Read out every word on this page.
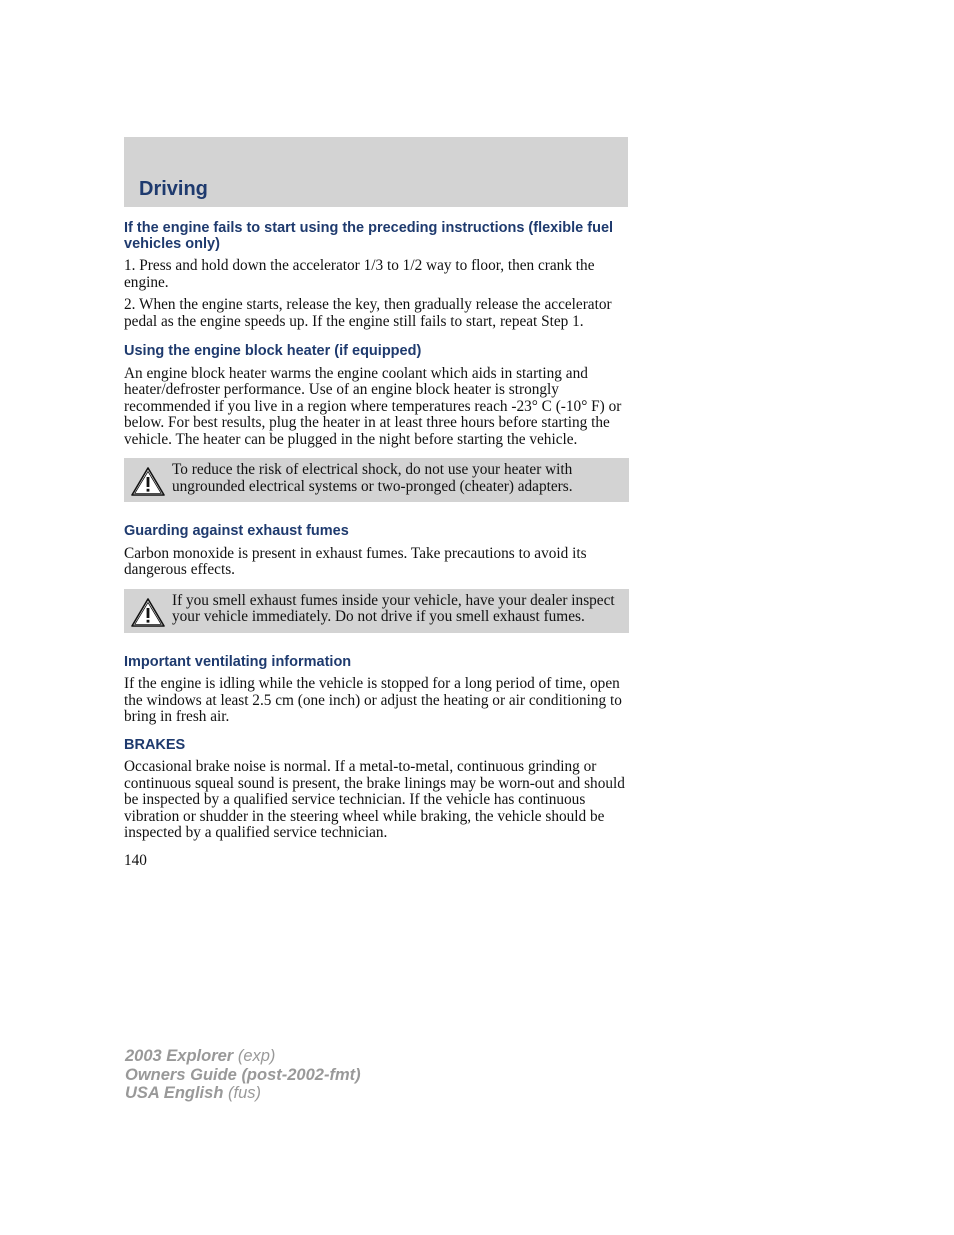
Driving
If the engine fails to start using the preceding instructions (flexible fuel vehicles only)

1. Press and hold down the accelerator 1/3 to 1/2 way to floor, then crank the engine.

2. When the engine starts, release the key, then gradually release the accelerator pedal as the engine speeds up. If the engine still fails to start, repeat Step 1.

Using the engine block heater (if equipped)

An engine block heater warms the engine coolant which aids in starting and heater/defroster performance. Use of an engine block heater is strongly recommended if you live in a region where temperatures reach -23° C (-10° F) or below. For best results, plug the heater in at least three hours before starting the vehicle. The heater can be plugged in the night before starting the vehicle.

To reduce the risk of electrical shock, do not use your heater with ungrounded electrical systems or two-pronged (cheater) adapters.

Guarding against exhaust fumes

Carbon monoxide is present in exhaust fumes. Take precautions to avoid its dangerous effects.

If you smell exhaust fumes inside your vehicle, have your dealer inspect your vehicle immediately. Do not drive if you smell exhaust fumes.

Important ventilating information

If the engine is idling while the vehicle is stopped for a long period of time, open the windows at least 2.5 cm (one inch) or adjust the heating or air conditioning to bring in fresh air.

BRAKES

Occasional brake noise is normal. If a metal-to-metal, continuous grinding or continuous squeal sound is present, the brake linings may be worn-out and should be inspected by a qualified service technician. If the vehicle has continuous vibration or shudder in the steering wheel while braking, the vehicle should be inspected by a qualified service technician.

140
2003 Explorer (exp)
Owners Guide (post-2002-fmt)
USA English (fus)
